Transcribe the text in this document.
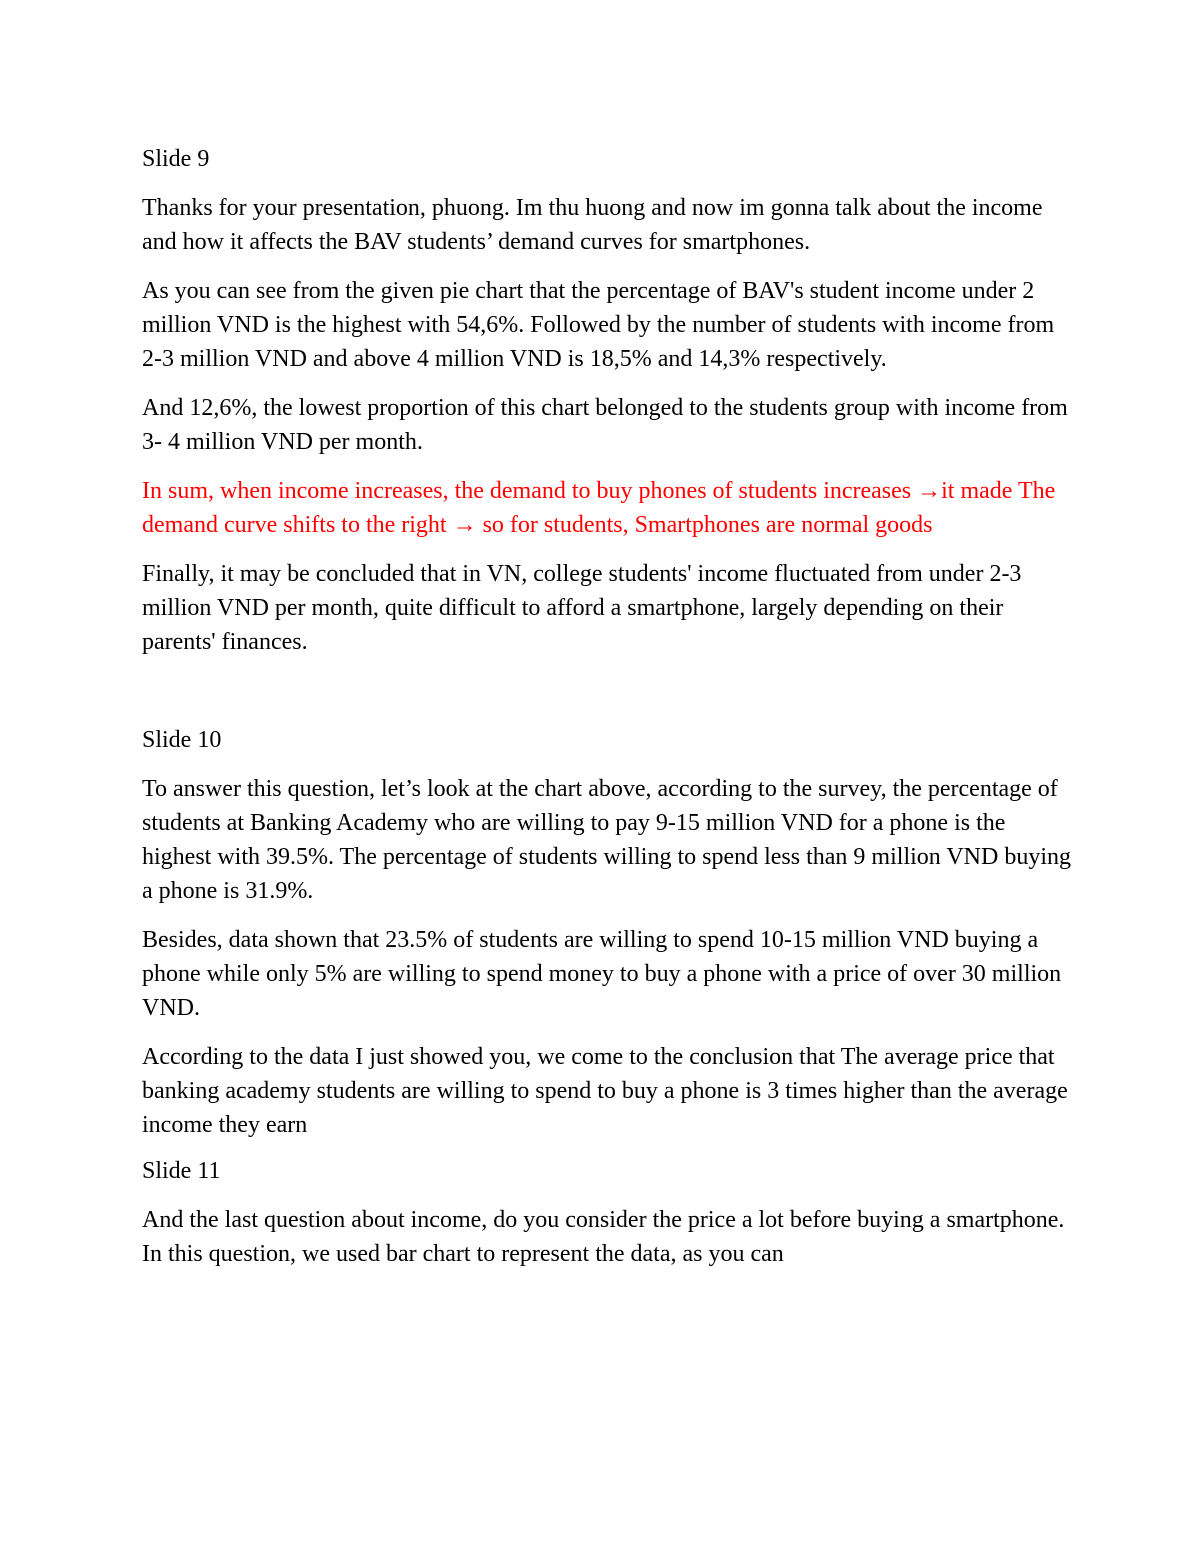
Slide 9
Thanks for your presentation, phuong. Im thu huong and now im gonna talk about the income and how it affects the BAV students’ demand curves for smartphones.
As you can see from the given pie chart that the percentage of BAV's student income under 2 million VND is the highest with 54,6%. Followed by the number of students with income from 2-3 million VND and above 4 million VND is 18,5% and 14,3% respectively.
And 12,6%, the lowest proportion of this chart belonged to the students group with income from 3- 4 million VND per month.
In sum, when income increases, the demand to buy phones of students increases →it made The demand curve shifts to the right → so for students, Smartphones are normal goods
Finally, it may be concluded that in VN, college students' income fluctuated from under 2-3 million VND per month, quite difficult to afford a smartphone, largely depending on their parents' finances.
Slide 10
To answer this question, let’s look at the chart above, according to the survey, the percentage of students at Banking Academy who are willing to pay 9-15 million VND for a phone is the highest with 39.5%. The percentage of students willing to spend less than 9 million VND buying a phone is 31.9%.
Besides, data shown that 23.5% of students are willing to spend 10-15 million VND buying a phone while only 5% are willing to spend money to buy a phone with a price of over 30 million VND.
According to the data I just showed you, we come to the conclusion that The average price that banking academy students are willing to spend to buy a phone is 3 times higher than the average income they earn
Slide 11
And the last question about income, do you consider the price a lot before buying a smartphone. In this question, we used bar chart to represent the data, as you can
